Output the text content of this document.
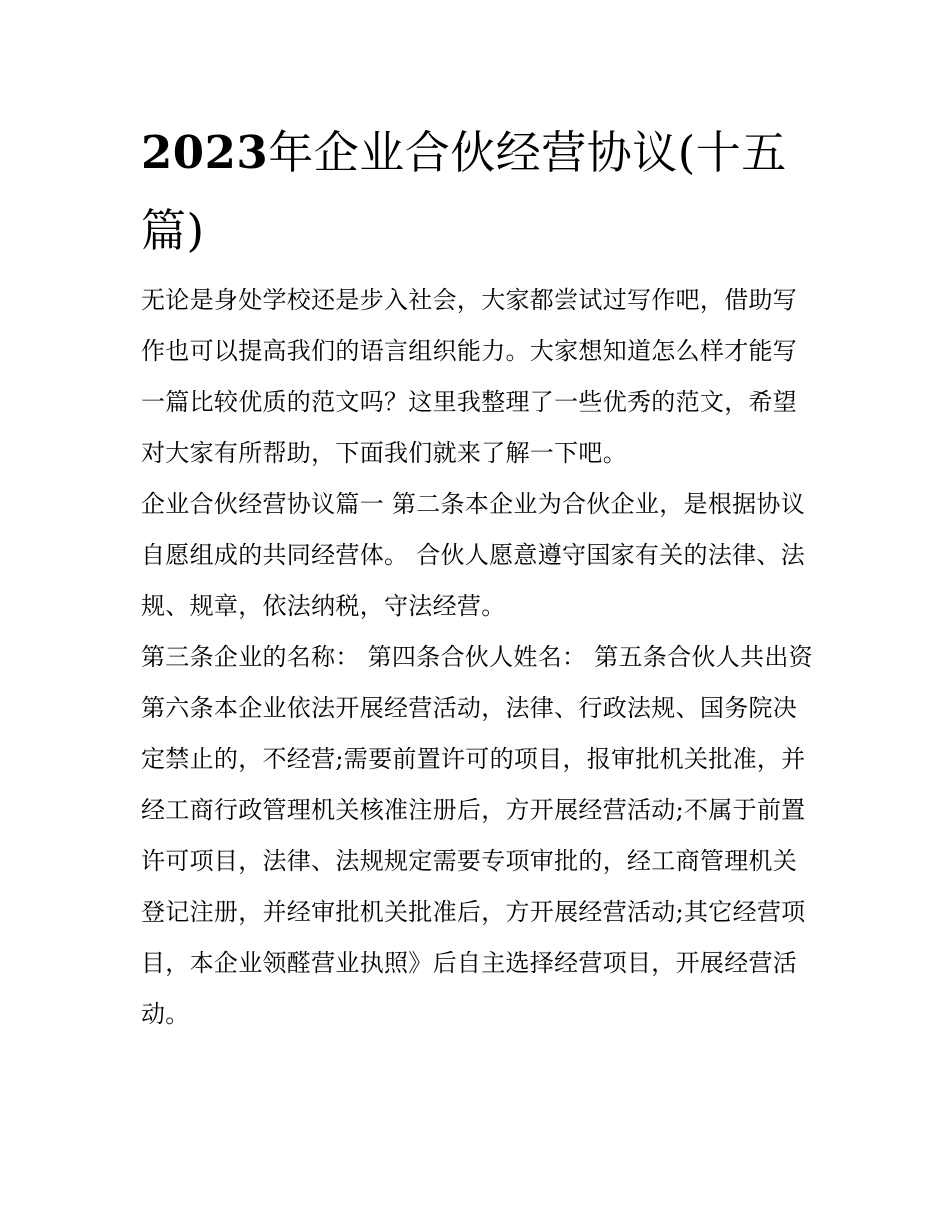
2023年企业合伙经营协议(十五篇)

无论是身处学校还是步入社会，大家都尝试过写作吧，借助写作也可以提高我们的语言组织能力。大家想知道怎么样才能写一篇比较优质的范文吗？这里我整理了一些优秀的范文，希望对大家有所帮助，下面我们就来了解一下吧。

企业合伙经营协议篇一 第二条本企业为合伙企业，是根据协议自愿组成的共同经营体。 合伙人愿意遵守国家有关的法律、法规、规章，依法纳税，守法经营。

第三条企业的名称： 第四条合伙人姓名： 第五条合伙人共出资

第六条本企业依法开展经营活动，法律、行政法规、国务院决定禁止的，不经营;需要前置许可的项目，报审批机关批准，并经工商行政管理机关核准注册后，方开展经营活动;不属于前置许可项目，法律、法规规定需要专项审批的，经工商管理机关登记注册，并经审批机关批准后，方开展经营活动;其它经营项目，本企业领醛营业执照》后自主选择经营项目，开展经营活动。
